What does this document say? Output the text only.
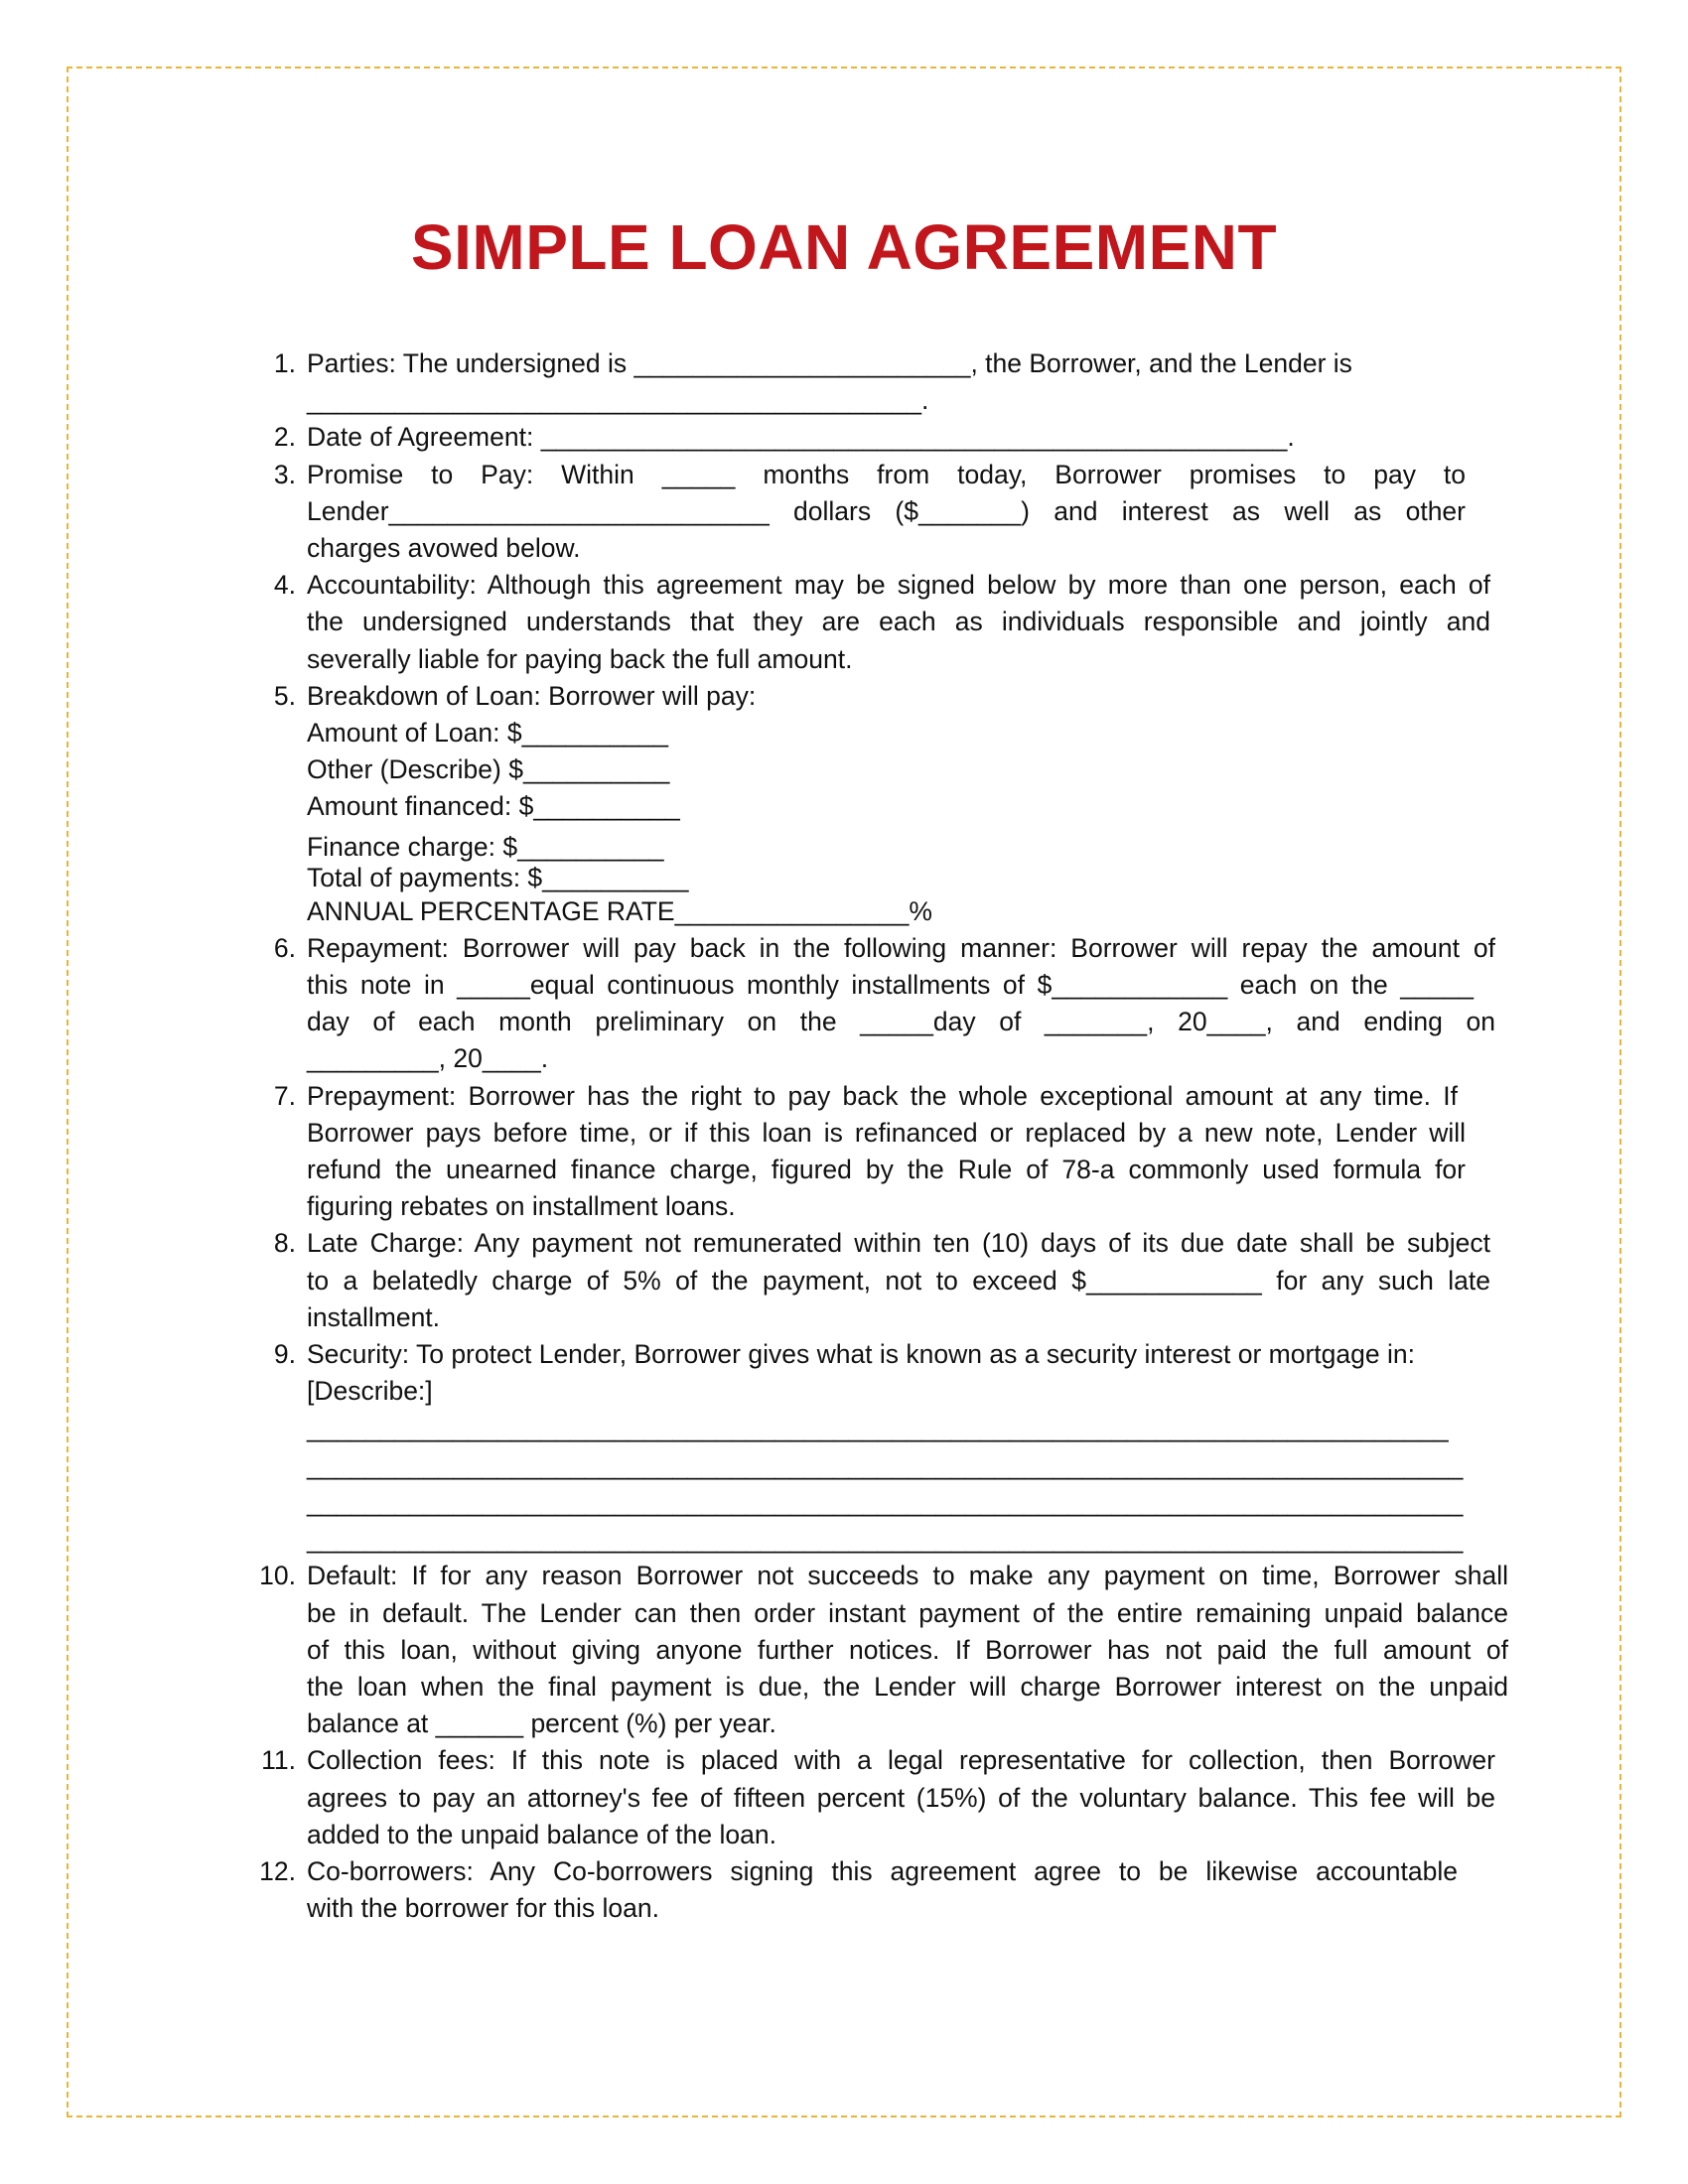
SIMPLE LOAN AGREEMENT
1. Parties: The undersigned is _______________________, the Borrower, and the Lender is
__________________________________________.
2. Date of Agreement: ___________________________________________________.
3. Promise to Pay: Within _____ months from today, Borrower promises to pay to
Lender__________________________ dollars ($_______) and interest as well as other
charges avowed below.
4. Accountability: Although this agreement may be signed below by more than one person, each of
the undersigned understands that they are each as individuals responsible and jointly and
severally liable for paying back the full amount.
5. Breakdown of Loan: Borrower will pay:
Amount of Loan: $__________
Other (Describe) $__________
Amount financed: $__________
Finance charge: $__________
Total of payments: $__________
ANNUAL PERCENTAGE RATE________________%
6. Repayment: Borrower will pay back in the following manner: Borrower will repay the amount of
this note in _____equal continuous monthly installments of $____________ each on the _____
day of each month preliminary on the _____day of _______, 20____, and ending on
_________, 20____.
7. Prepayment: Borrower has the right to pay back the whole exceptional amount at any time. If
Borrower pays before time, or if this loan is refinanced or replaced by a new note, Lender will
refund the unearned finance charge, figured by the Rule of 78-a commonly used formula for
figuring rebates on installment loans.
8. Late Charge: Any payment not remunerated within ten (10) days of its due date shall be subject
to a belatedly charge of 5% of the payment, not to exceed $____________ for any such late
installment.
9. Security: To protect Lender, Borrower gives what is known as a security interest or mortgage in:
[Describe:]
______________________________________________________________________________
_______________________________________________________________________________
_______________________________________________________________________________
_______________________________________________________________________________
10. Default: If for any reason Borrower not succeeds to make any payment on time, Borrower shall
be in default. The Lender can then order instant payment of the entire remaining unpaid balance
of this loan, without giving anyone further notices. If Borrower has not paid the full amount of
the loan when the final payment is due, the Lender will charge Borrower interest on the unpaid
balance at ______ percent (%) per year.
11. Collection fees: If this note is placed with a legal representative for collection, then Borrower
agrees to pay an attorney's fee of fifteen percent (15%) of the voluntary balance. This fee will be
added to the unpaid balance of the loan.
12. Co-borrowers: Any Co-borrowers signing this agreement agree to be likewise accountable
with the borrower for this loan.
